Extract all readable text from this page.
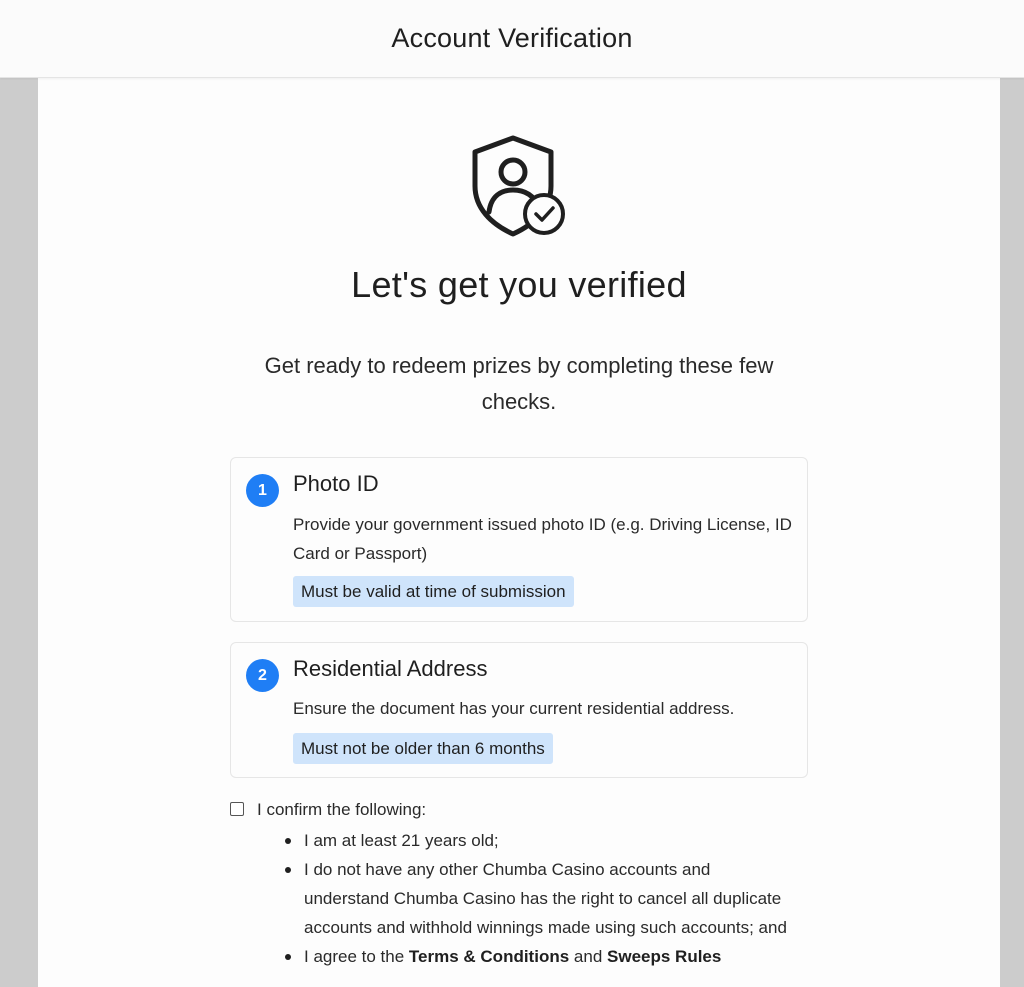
Account Verification
Let's get you verified

Get ready to redeem prizes by completing these few checks.

1	Photo ID
Provide your government issued photo ID (e.g. Driving License, ID Card or Passport)
Must be valid at time of submission
2	Residential Address
Ensure the document has your current residential address.
Must not be older than 6 months
I confirm the following:
I am at least 21 years old;
I do not have any other Chumba Casino accounts and understand Chumba Casino has the right to cancel all duplicate accounts and withhold winnings made using such accounts; and
I agree to the Terms & Conditions and Sweeps Rules
